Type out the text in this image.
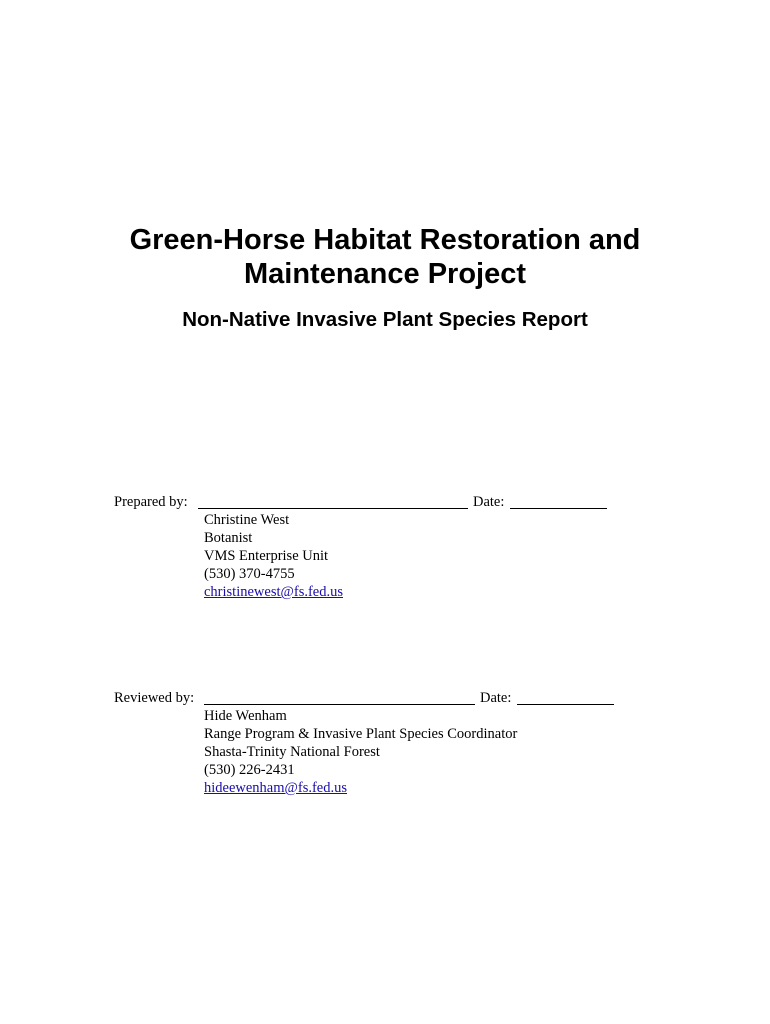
Green-Horse Habitat Restoration and

Maintenance Project

Non-Native Invasive Plant Species Report
Prepared by:	Date:
Christine West
Botanist
VMS Enterprise Unit
(530) 370-4755
christinewest@fs.fed.us
Reviewed by:	Date:
Hide Wenham
Range Program & Invasive Plant Species Coordinator
Shasta-Trinity National Forest
(530) 226-2431
hideewenham@fs.fed.us
